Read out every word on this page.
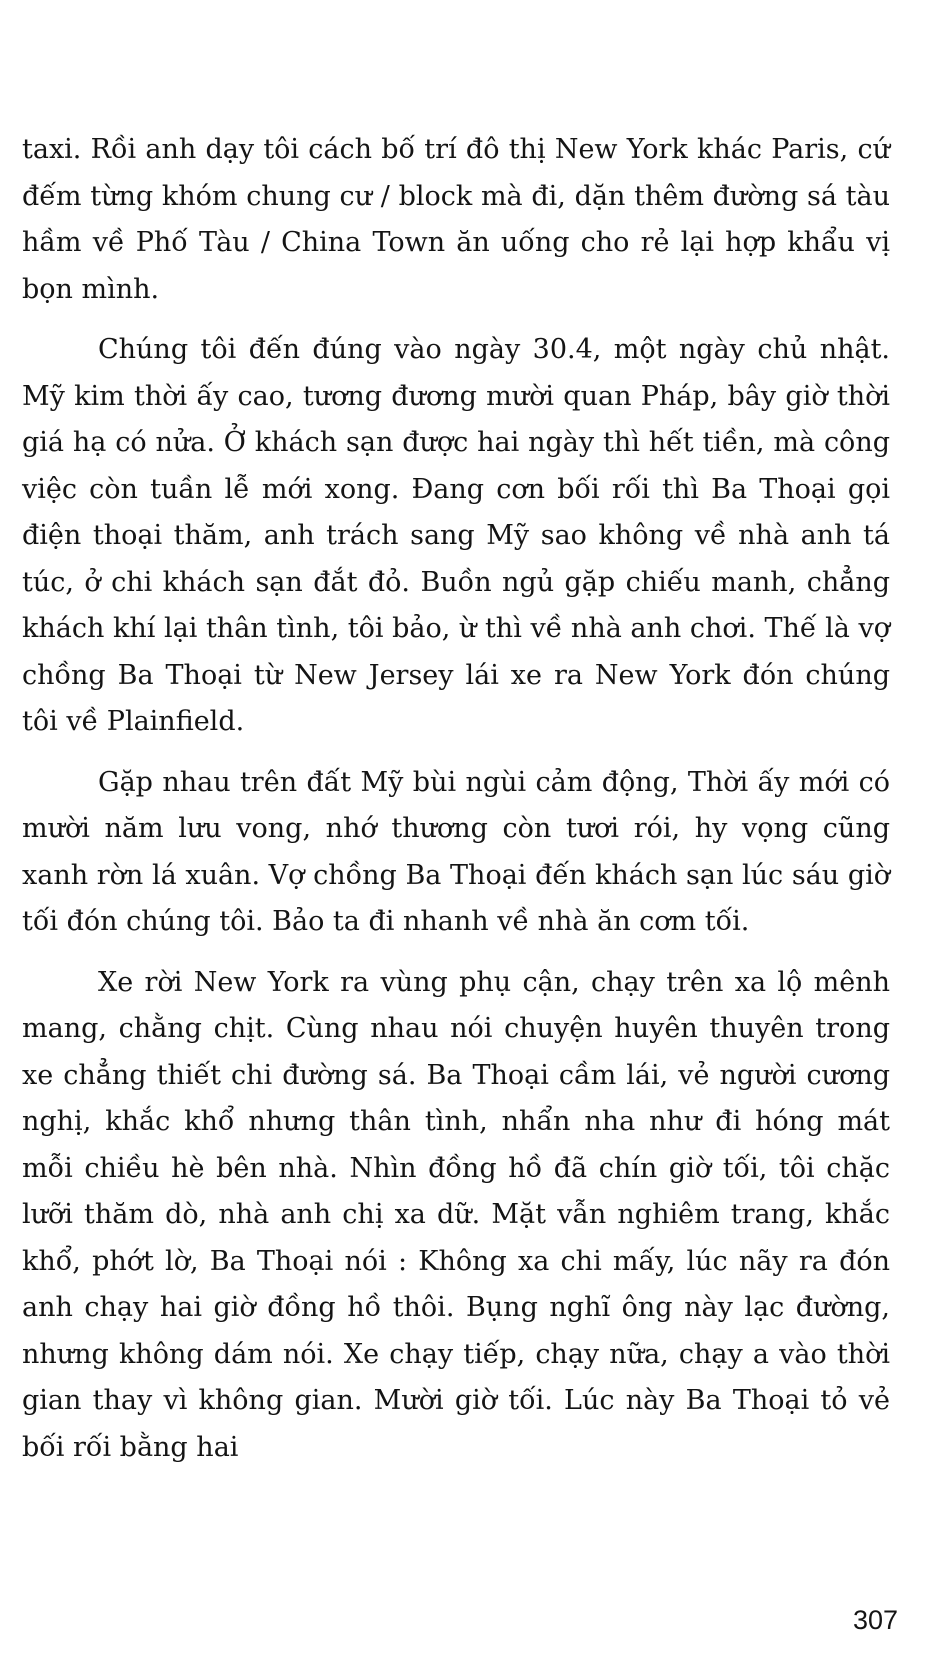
taxi. Rồi anh dạy tôi cách bố trí đô thị New York khác Paris, cứ đếm từng khóm chung cư / block mà đi, dặn thêm đường sá tàu hầm về Phố Tàu / China Town ăn uống cho rẻ lại hợp khẩu vị bọn mình.

Chúng tôi đến đúng vào ngày 30.4, một ngày chủ nhật. Mỹ kim thời ấy cao, tương đương mười quan Pháp, bây giờ thời giá hạ có nửa. Ở khách sạn được hai ngày thì hết tiền, mà công việc còn tuần lễ mới xong. Đang cơn bối rối thì Ba Thoại gọi điện thoại thăm, anh trách sang Mỹ sao không về nhà anh tá túc, ở chi khách sạn đắt đỏ. Buồn ngủ gặp chiếu manh, chẳng khách khí lại thân tình, tôi bảo, ừ thì về nhà anh chơi. Thế là vợ chồng Ba Thoại từ New Jersey lái xe ra New York đón chúng tôi về Plainfield.

Gặp nhau trên đất Mỹ bùi ngùi cảm động, Thời ấy mới có mười năm lưu vong, nhớ thương còn tươi rói, hy vọng cũng xanh rờn lá xuân. Vợ chồng Ba Thoại đến khách sạn lúc sáu giờ tối đón chúng tôi. Bảo ta đi nhanh về nhà ăn cơm tối.

Xe rời New York ra vùng phụ cận, chạy trên xa lộ mênh mang, chằng chịt. Cùng nhau nói chuyện huyên thuyên trong xe chẳng thiết chi đường sá. Ba Thoại cầm lái, vẻ người cương nghị, khắc khổ nhưng thân tình, nhẩn nha như đi hóng mát mỗi chiều hè bên nhà. Nhìn đồng hồ đã chín giờ tối, tôi chặc lưỡi thăm dò, nhà anh chị xa dữ. Mặt vẫn nghiêm trang, khắc khổ, phớt lờ, Ba Thoại nói : Không xa chi mấy, lúc nãy ra đón anh chạy hai giờ đồng hồ thôi. Bụng nghĩ ông này lạc đường, nhưng không dám nói. Xe chạy tiếp, chạy nữa, chạy a vào thời gian thay vì không gian. Mười giờ tối. Lúc này Ba Thoại tỏ vẻ bối rối bằng hai

307
